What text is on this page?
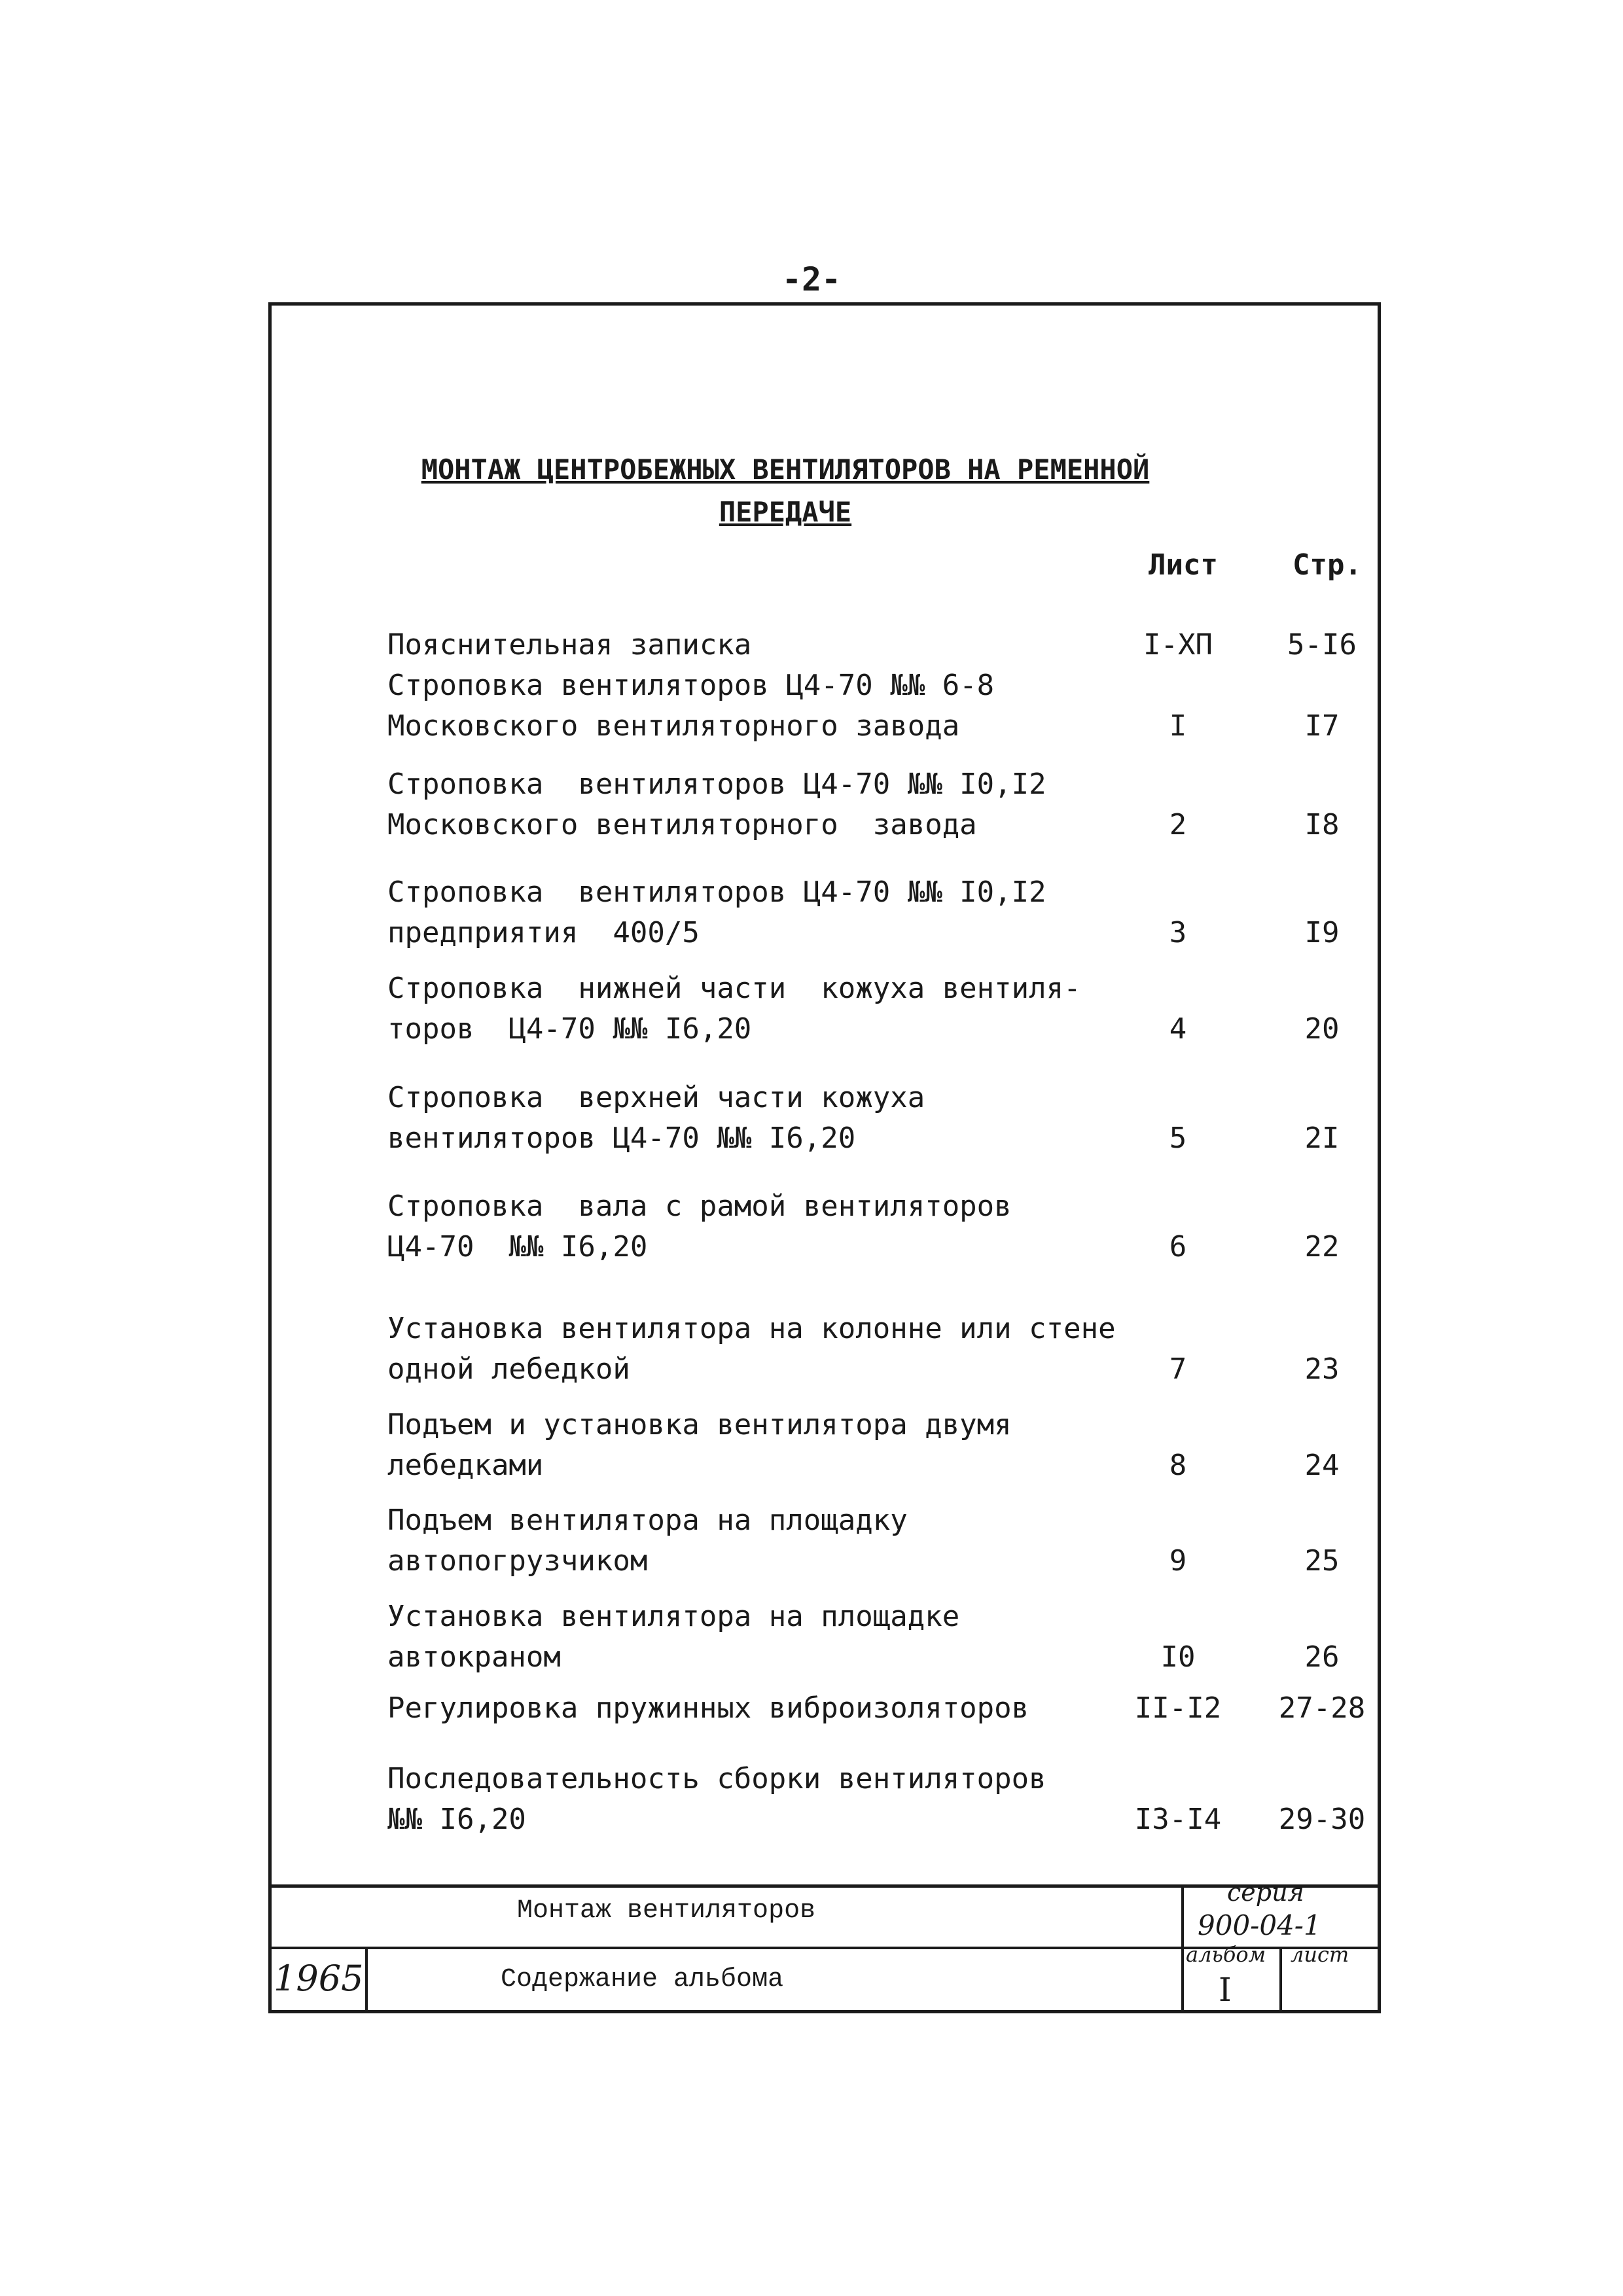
-2-
МОНТАЖ ЦЕНТРОБЕЖНЫХ ВЕНТИЛЯТОРОВ НА РЕМЕННОЙ
ПЕРЕДАЧЕ
Лист	Стр.
Пояснительная записка	I-XП	5-I6
Строповка вентиляторов Ц4-70 №№ 6-8
Московского вентиляторного завода	I	I7
Строповка  вентиляторов Ц4-70 №№ I0,I2
Московского вентиляторного  завода	2	I8
Строповка  вентиляторов Ц4-70 №№ I0,I2
предприятия  400/5	3	I9
Строповка  нижней части  кожуха вентиля-
торов  Ц4-70 №№ I6,20	4	20
Строповка  верхней части кожуха
вентиляторов Ц4-70 №№ I6,20	5	2I
Строповка  вала с рамой вентиляторов
Ц4-70  №№ I6,20	6	22
Установка вентилятора на колонне или стене
одной лебедкой	7	23
Подъем и установка вентилятора двумя
лебедками	8	24
Подъем вентилятора на площадку
автопогрузчиком	9	25
Установка вентилятора на площадке
автокраном	I0	26
Регулировка пружинных виброизоляторов	II-I2	27-28
Последовательность сборки вентиляторов
№№ I6,20	I3-I4	29-30
Монтаж вентиляторов
Содержание альбома
1965
серия
900-04-1
альбом лист
I
